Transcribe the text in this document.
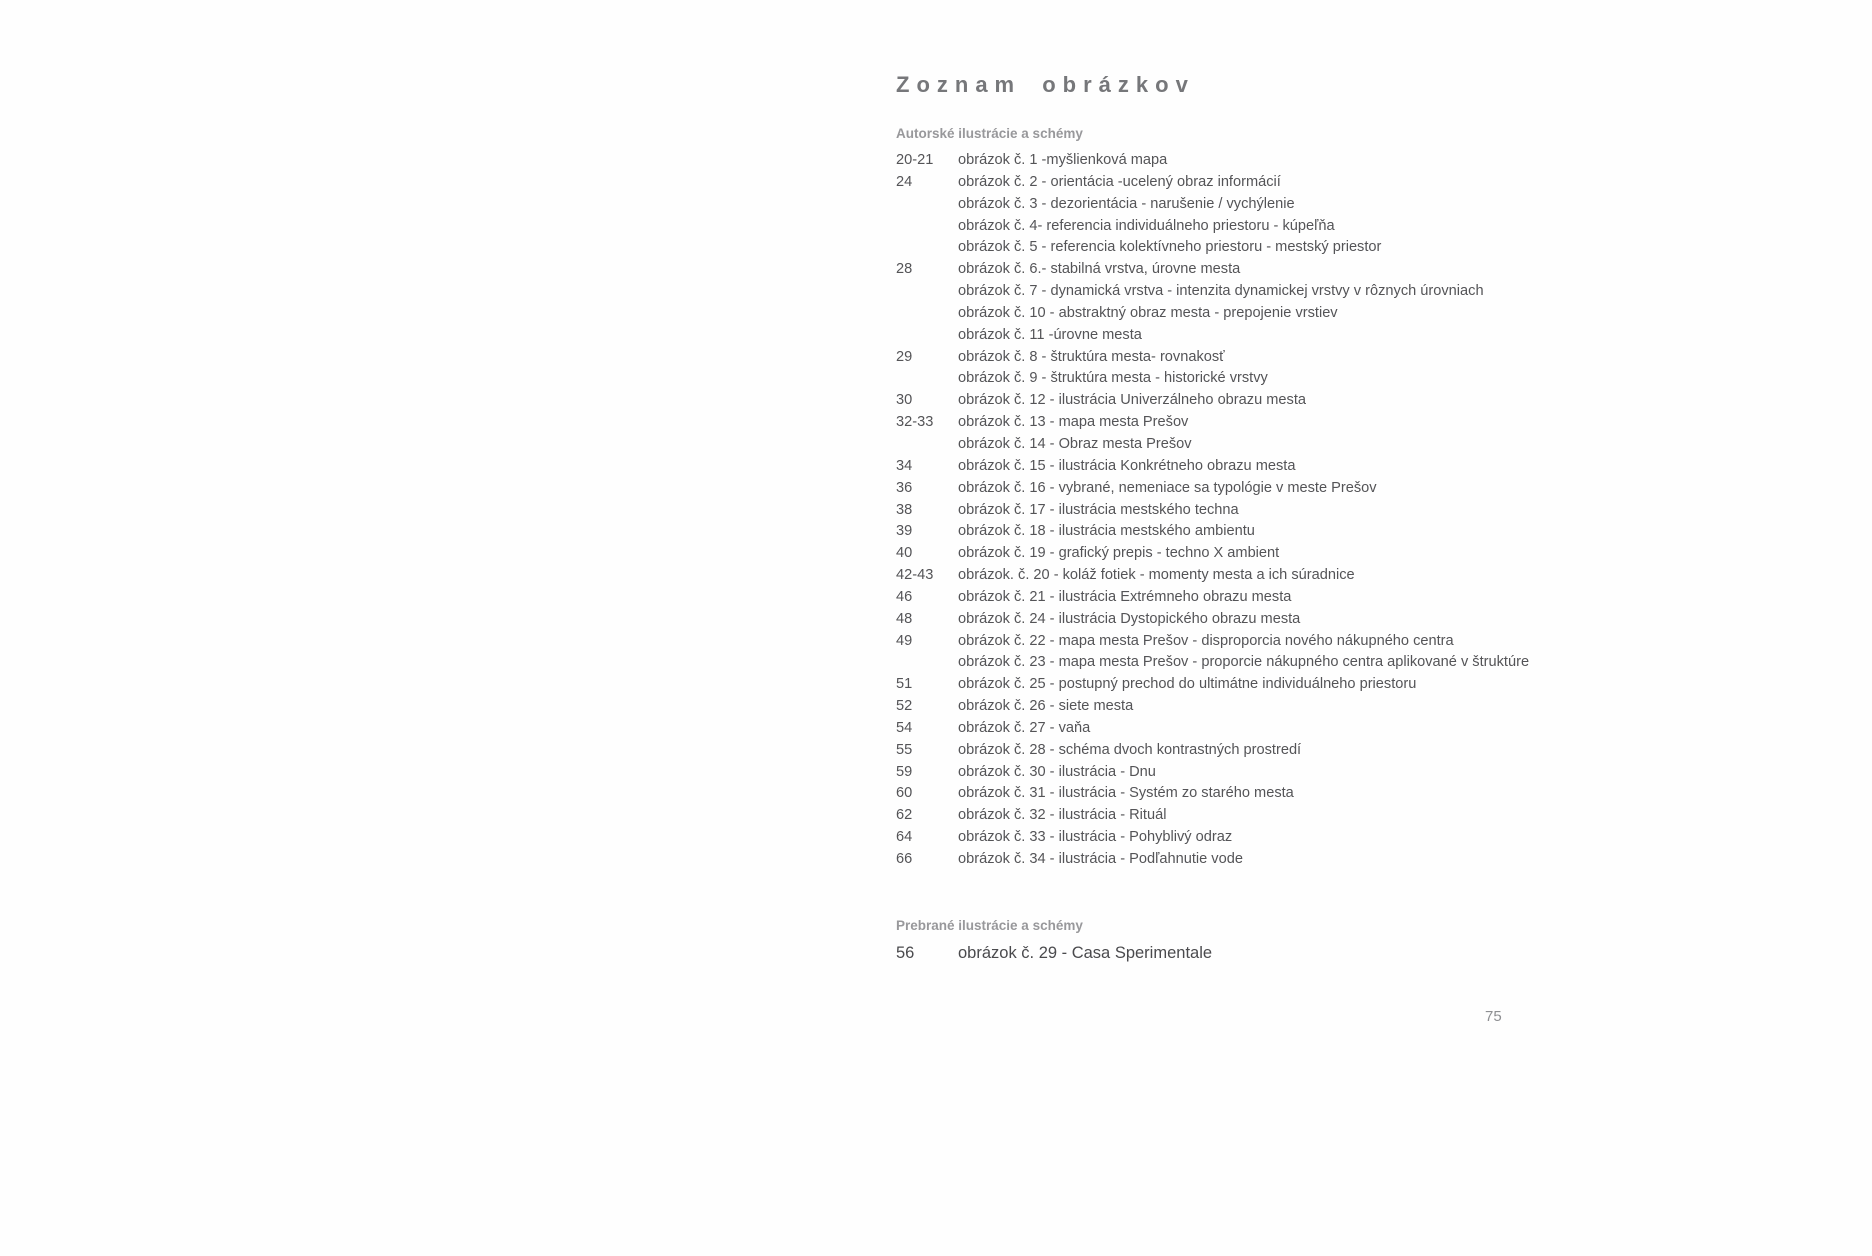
Zoznam obrázkov
Autorské ilustrácie a schémy
20-21	obrázok č. 1 -myšlienková mapa
24	obrázok č. 2 - orientácia -ucelený obraz informácií
obrázok č. 3 - dezorientácia - narušenie / vychýlenie
obrázok č. 4- referencia individuálneho priestoru - kúpeľňa
obrázok č. 5 - referencia kolektívneho priestoru - mestský priestor
28	obrázok č. 6.- stabilná vrstva, úrovne mesta
obrázok č. 7 - dynamická vrstva - intenzita dynamickej vrstvy v rôznych úrovniach
obrázok č. 10 - abstraktný obraz mesta - prepojenie vrstiev
obrázok č. 11 -úrovne mesta
29	obrázok č. 8 - štruktúra mesta- rovnakosť
obrázok č. 9 - štruktúra mesta - historické vrstvy
30	obrázok č. 12 - ilustrácia Univerzálneho obrazu mesta
32-33	obrázok č. 13 - mapa mesta Prešov
obrázok č. 14 - Obraz mesta Prešov
34	obrázok č. 15 - ilustrácia Konkrétneho obrazu mesta
36	obrázok č. 16 - vybrané, nemeniace sa typológie v meste Prešov
38	obrázok č. 17 - ilustrácia mestského techna
39	obrázok č. 18 - ilustrácia mestského ambientu
40	obrázok č. 19 - grafický prepis - techno X ambient
42-43	obrázok. č. 20 - koláž fotiek - momenty mesta a ich súradnice
46	obrázok č. 21 - ilustrácia Extrémneho obrazu mesta
48	obrázok č. 24 - ilustrácia Dystopického obrazu mesta
49	obrázok č. 22 - mapa mesta Prešov - disproporcia nového nákupného centra
obrázok č. 23 - mapa mesta Prešov - proporcie nákupného centra aplikované v štruktúre
51	obrázok č. 25 - postupný prechod do ultimátne individuálneho priestoru
52	obrázok č. 26 - siete mesta
54	obrázok č. 27 - vaňa
55	obrázok č. 28 - schéma dvoch kontrastných prostredí
59	obrázok č. 30 - ilustrácia - Dnu
60	obrázok č. 31 - ilustrácia - Systém zo starého mesta
62	obrázok č. 32 - ilustrácia - Rituál
64	obrázok č. 33 - ilustrácia - Pohyblivý odraz
66	obrázok č. 34 - ilustrácia - Podľahnutie vode
Prebrané ilustrácie a schémy
56	obrázok č. 29 - Casa Sperimentale
75
